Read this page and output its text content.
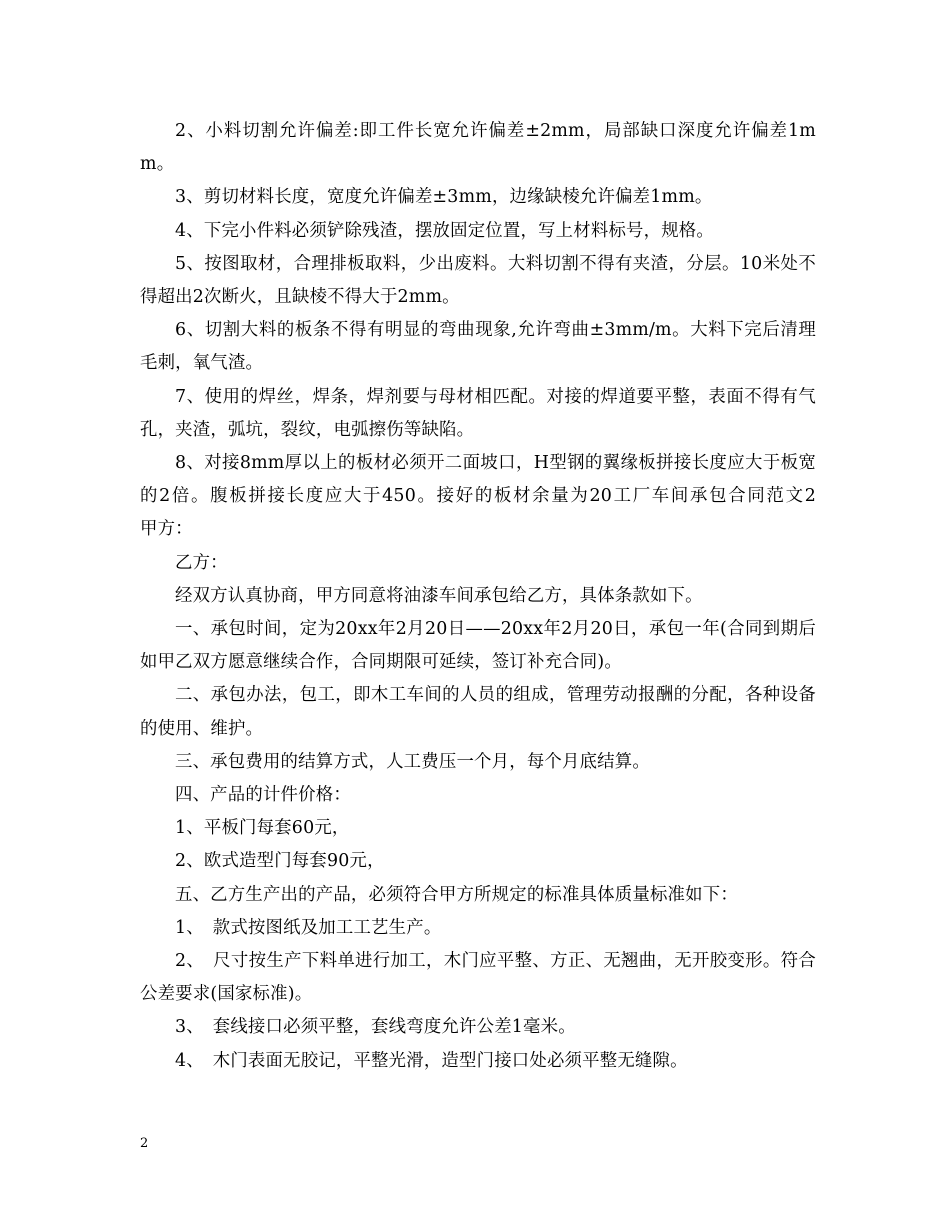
2、小料切割允许偏差:即工件长宽允许偏差±2mm，局部缺口深度允许偏差1mm。

3、剪切材料长度，宽度允许偏差±3mm，边缘缺棱允许偏差1mm。

4、下完小件料必须铲除残渣，摆放固定位置，写上材料标号，规格。

5、按图取材，合理排板取料，少出废料。大料切割不得有夹渣，分层。10米处不得超出2次断火，且缺棱不得大于2mm。

6、切割大料的板条不得有明显的弯曲现象,允许弯曲±3mm/m。大料下完后清理毛刺，氧气渣。

7、使用的焊丝，焊条，焊剂要与母材相匹配。对接的焊道要平整，表面不得有气孔，夹渣，弧坑，裂纹，电弧擦伤等缺陷。

8、对接8mm厚以上的板材必须开二面坡口，H型钢的翼缘板拼接长度应大于板宽的2倍。腹板拼接长度应大于450。接好的板材余量为20工厂车间承包合同范文2　　甲方：

乙方：

经双方认真协商，甲方同意将油漆车间承包给乙方，具体条款如下。

一、承包时间，定为20xx年2月20日——20xx年2月20日，承包一年(合同到期后如甲乙双方愿意继续合作，合同期限可延续，签订补充合同)。

二、承包办法，包工，即木工车间的人员的组成，管理劳动报酬的分配，各种设备的使用、维护。

三、承包费用的结算方式，人工费压一个月，每个月底结算。

四、产品的计件价格：

1、平板门每套60元，

2、欧式造型门每套90元，

五、乙方生产出的产品，必须符合甲方所规定的标准具体质量标准如下：

1、　款式按图纸及加工工艺生产。

2、　尺寸按生产下料单进行加工，木门应平整、方正、无翘曲，无开胶变形。符合公差要求(国家标准)。

3、　套线接口必须平整，套线弯度允许公差1毫米。

4、　木门表面无胶记，平整光滑，造型门接口处必须平整无缝隙。

2
